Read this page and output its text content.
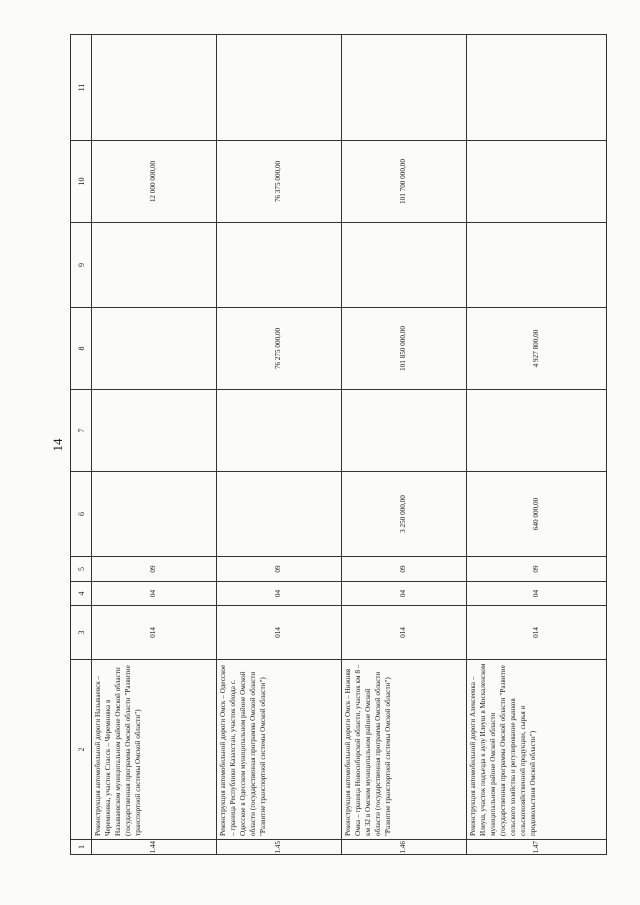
14
1	2	3	4	5	6	7	8	9	10	11
1.44	Реконструкция автомобильной дороги Называевск – Черемновка, участок Спасск – Черемновка в Называевском муниципальном районе Омской области (государственная программа Омской области "Развитие транспортной системы Омской области")	014	04	09					12 000 000,00	
1.45	Реконструкция автомобильной дороги Омск – Одесское – граница Республики Казахстан, участок обхода с. Одесское в Одесском муниципальном районе Омской области (государственная программа Омской области "Развитие транспортной системы Омской области")	014	04	09			76 275 000,00		76 375 000,00	
1.46	Реконструкция автомобильной дороги Омск – Нижняя Омка – граница Новосибирской области, участок км 8 – км 32 в Омском муниципальном районе Омской области (государственная программа Омской области "Развитие транспортной системы Омской области")	014	04	09	3 250 000,00		101 850 000,00		101 700 000,00	
1.47	Реконструкция автомобильной дороги Алексеевка – Илеуш, участок подъезда к аулу Илеуш в Москаленском муниципальном районе Омской области (государственная программа Омской области "Развитие сельского хозяйства и регулирование рынков сельскохозяйственной продукции, сырья и продовольствия Омской области")	014	04	09	640 000,00		4 927 800,00			
